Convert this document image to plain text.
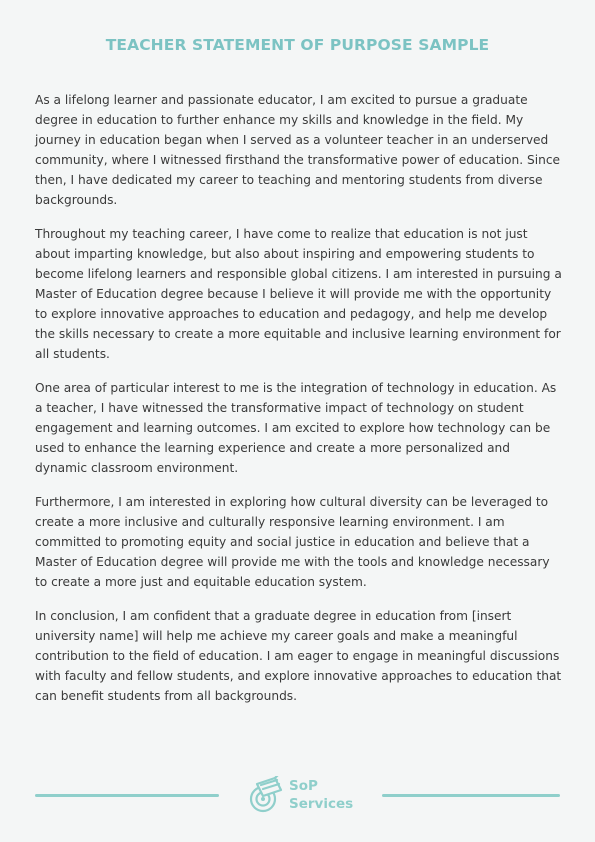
TEACHER STATEMENT OF PURPOSE SAMPLE

As a lifelong learner and passionate educator, I am excited to pursue a graduate degree in education to further enhance my skills and knowledge in the field. My journey in education began when I served as a volunteer teacher in an underserved community, where I witnessed firsthand the transformative power of education. Since then, I have dedicated my career to teaching and mentoring students from diverse backgrounds.

Throughout my teaching career, I have come to realize that education is not just about imparting knowledge, but also about inspiring and empowering students to become lifelong learners and responsible global citizens. I am interested in pursuing a Master of Education degree because I believe it will provide me with the opportunity to explore innovative approaches to education and pedagogy, and help me develop the skills necessary to create a more equitable and inclusive learning environment for all students.

One area of particular interest to me is the integration of technology in education. As a teacher, I have witnessed the transformative impact of technology on student engagement and learning outcomes. I am excited to explore how technology can be used to enhance the learning experience and create a more personalized and dynamic classroom environment.

Furthermore, I am interested in exploring how cultural diversity can be leveraged to create a more inclusive and culturally responsive learning environment. I am committed to promoting equity and social justice in education and believe that a Master of Education degree will provide me with the tools and knowledge necessary to create a more just and equitable education system.

In conclusion, I am confident that a graduate degree in education from [insert university name] will help me achieve my career goals and make a meaningful contribution to the field of education. I am eager to engage in meaningful discussions with faculty and fellow students, and explore innovative approaches to education that can benefit students from all backgrounds.

SoP
Services
